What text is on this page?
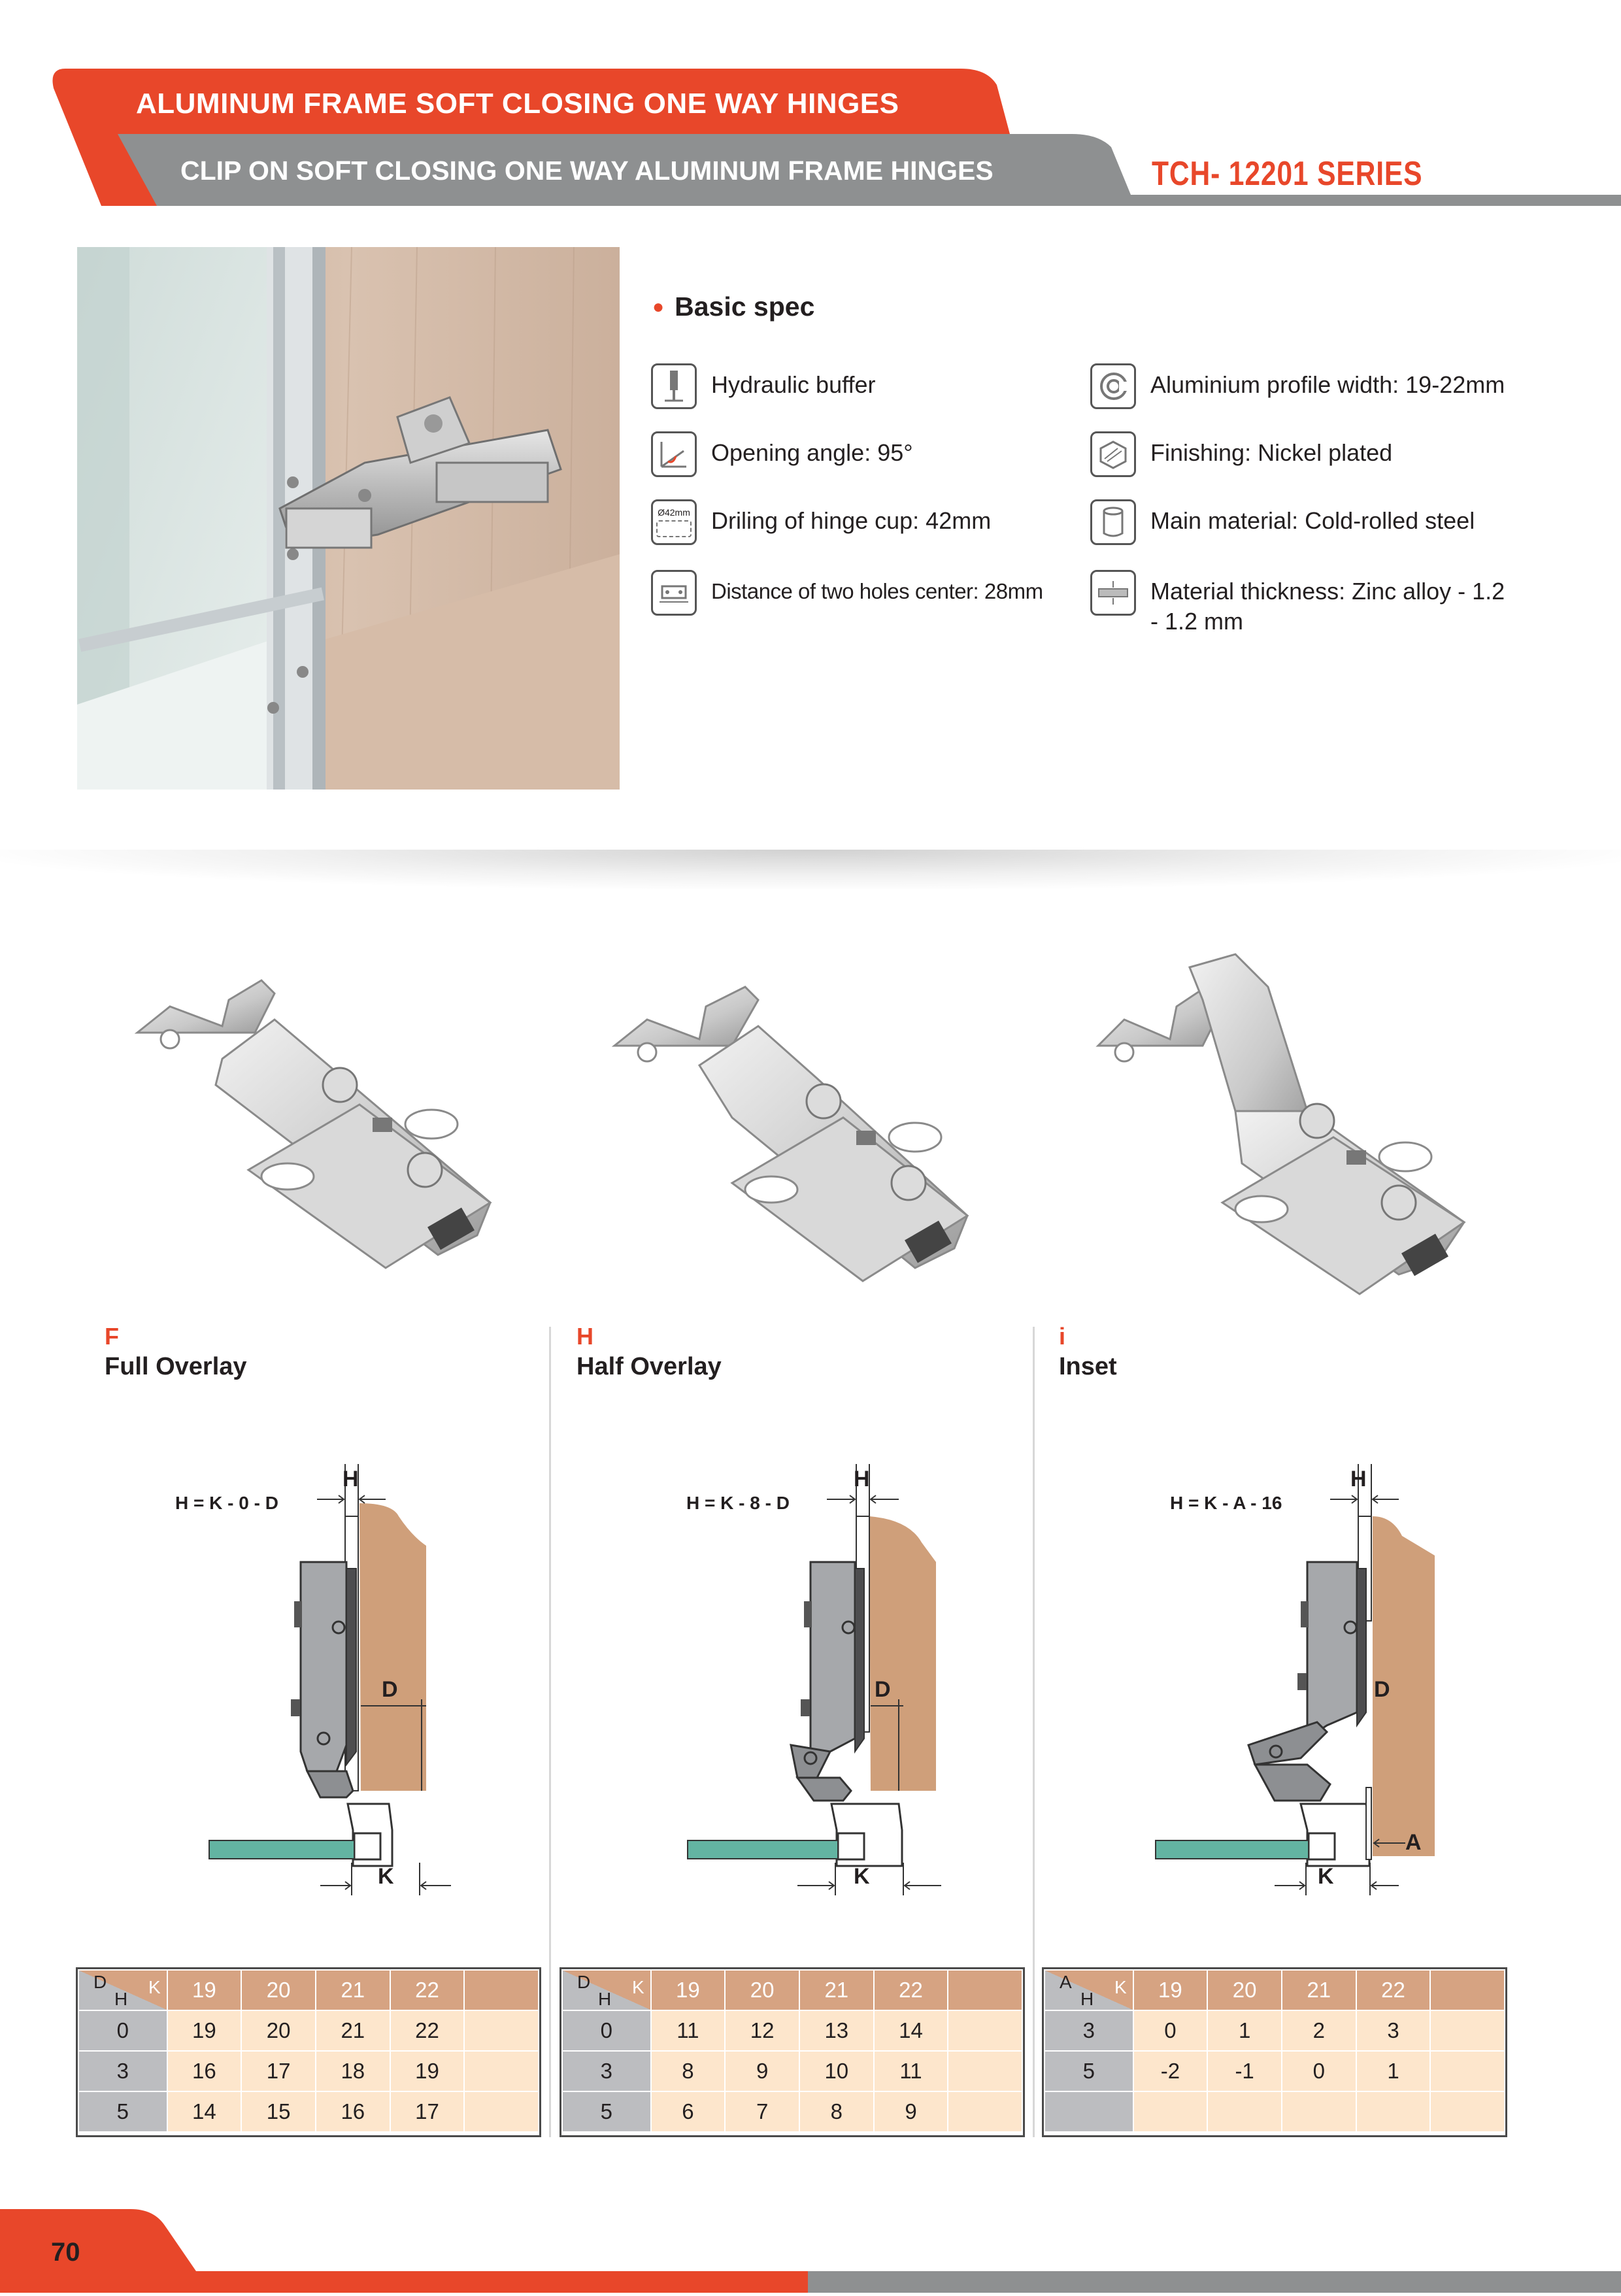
ALUMINUM FRAME SOFT CLOSING ONE WAY HINGES
CLIP ON SOFT CLOSING ONE WAY ALUMINUM FRAME HINGES	TCH- 12201 SERIES
● Basic spec
Hydraulic buffer
Opening angle: 95°
Ø42mm Driling of hinge cup: 42mm
Distance of two holes center: 28mm
Aluminium profile width: 19-22mm
Finishing: Nickel plated
Main material: Cold-rolled steel
Material thickness: Zinc alloy - 1.2 - 1.2 mm
F
Full Overlay
H
Half Overlay
i
Inset
H = K - 0 - D
H
D
K
H = K - 8 - D
H
D
K
H = K - A - 16
H
D
A
K
D
H
K	19	20	21	22	
0	19	20	21	22	
3	16	17	18	19	
5	14	15	16	17	
D
H
K	19	20	21	22	
0	11	12	13	14	
3	8	9	10	11	
5	6	7	8	9	
A
H
K	19	20	21	22	
3	0	1	2	3	
5	-2	-1	0	1	

70
